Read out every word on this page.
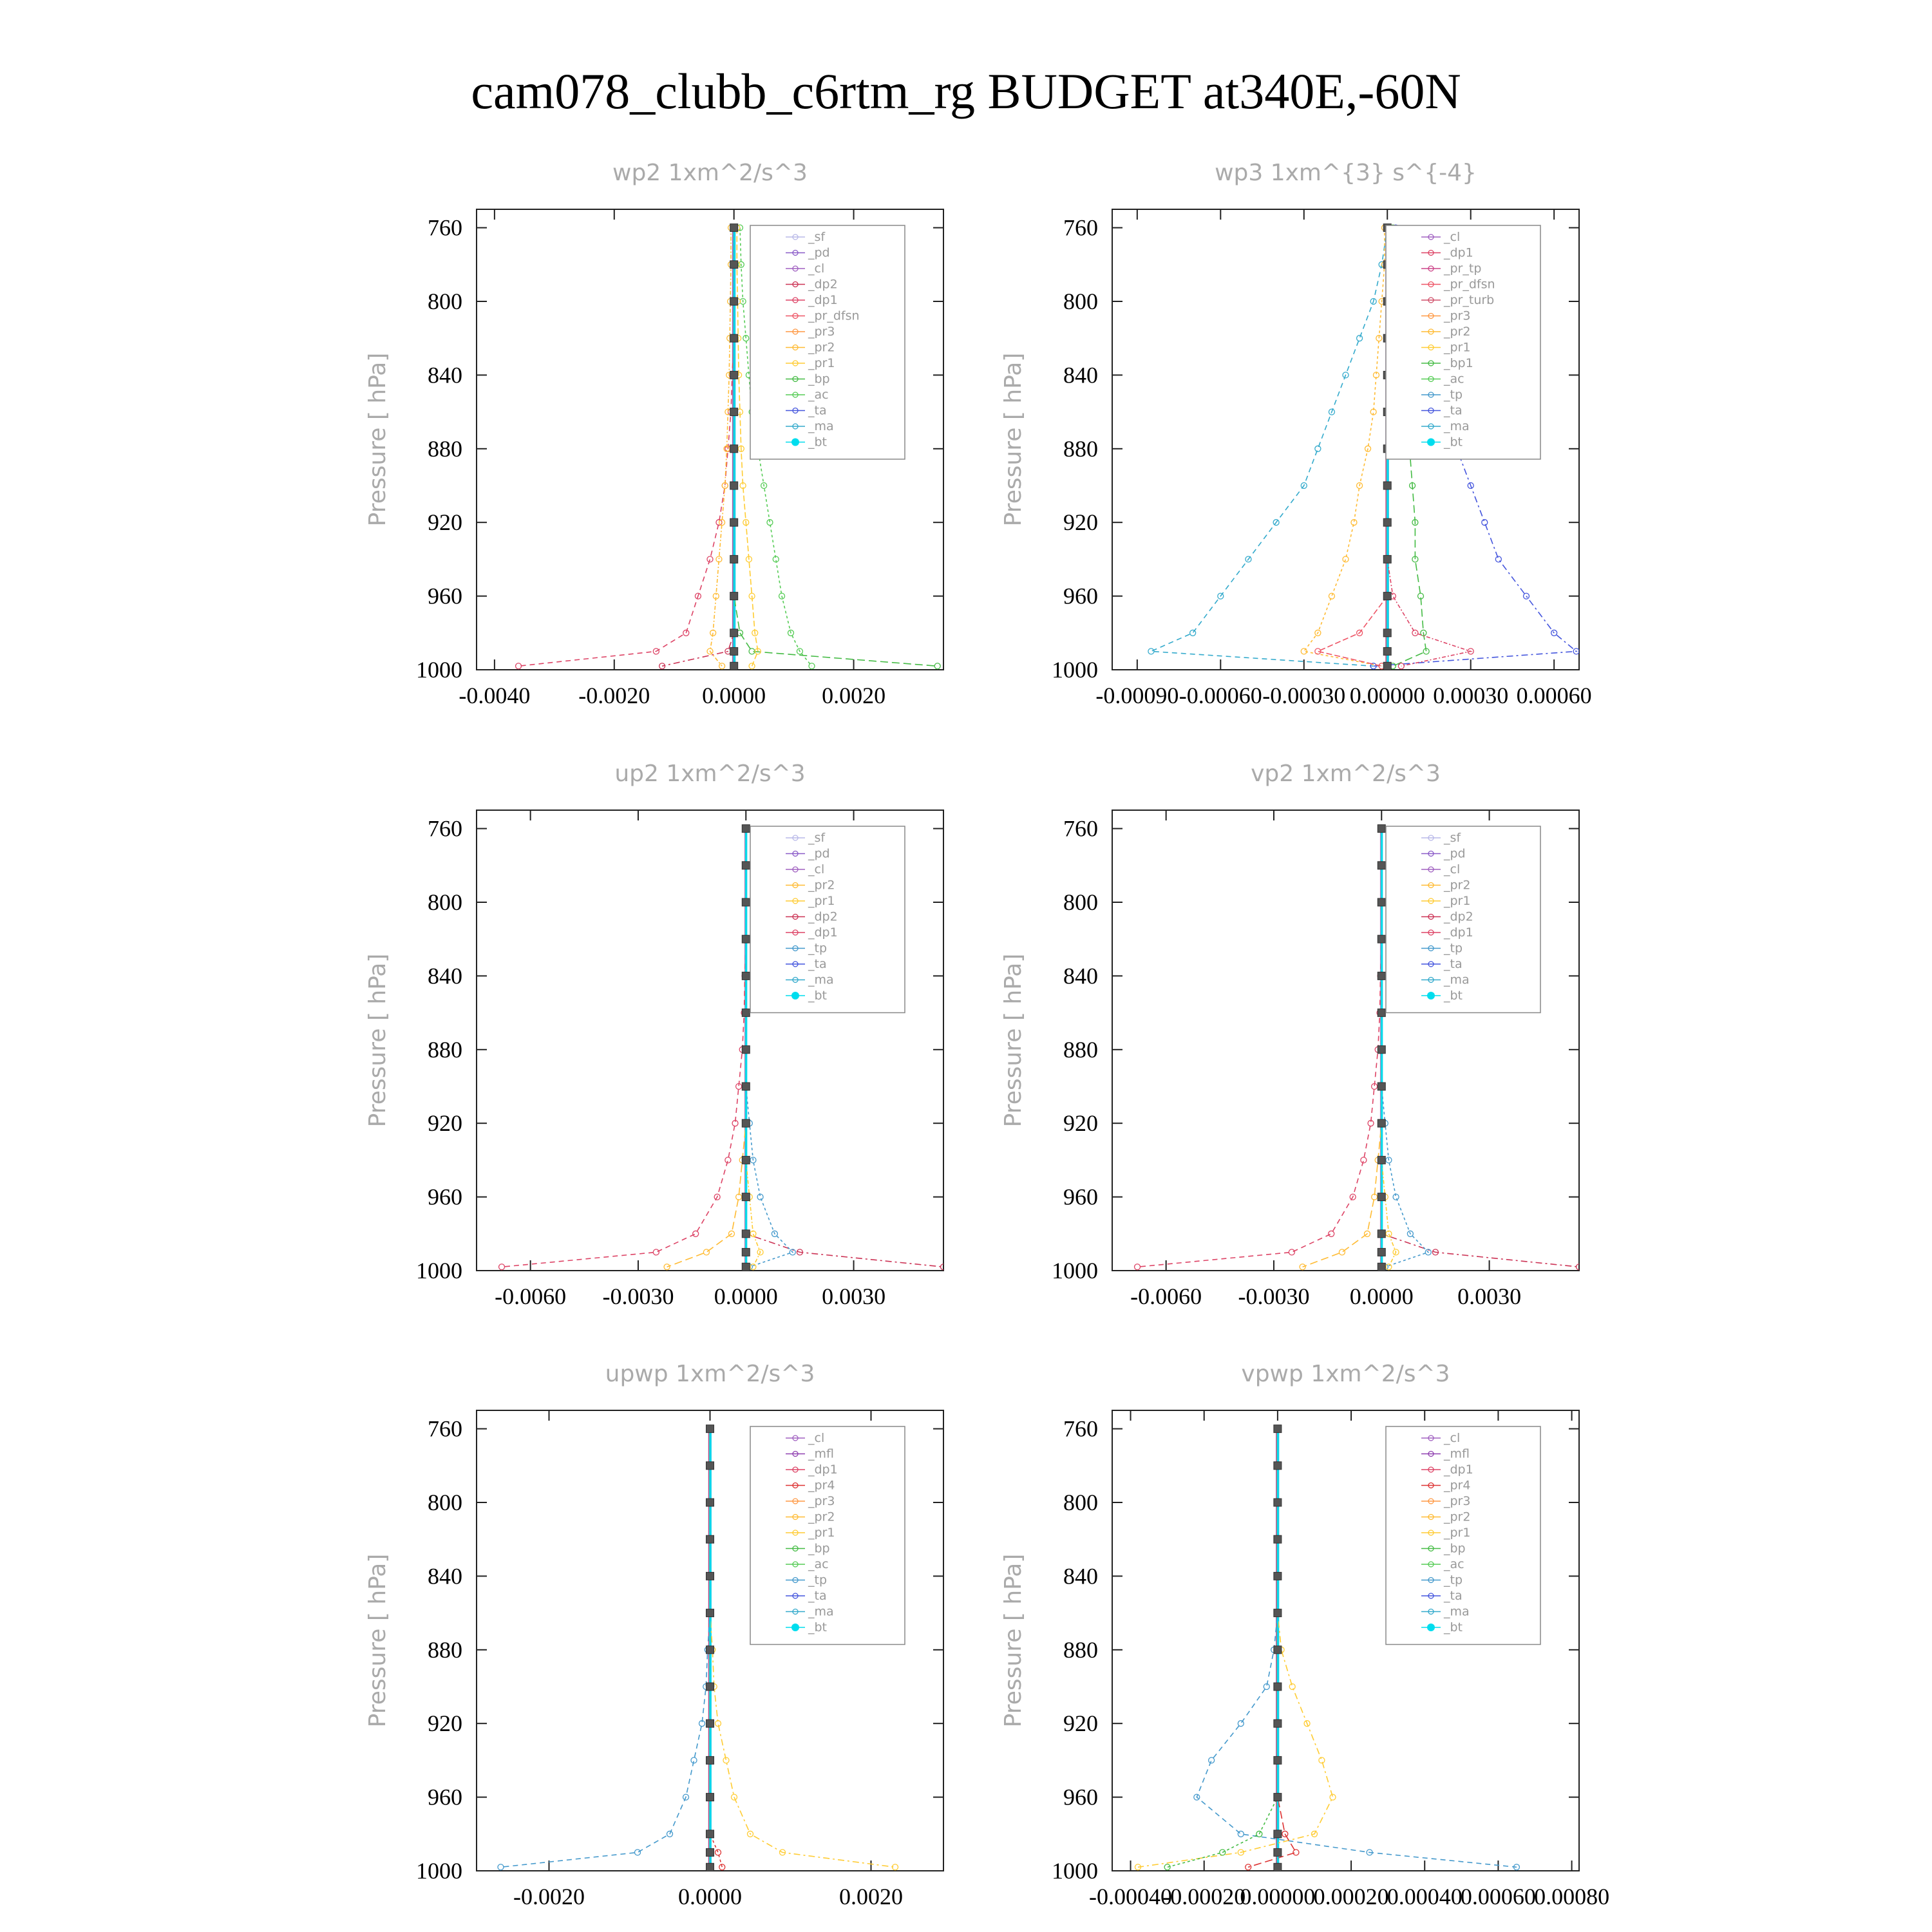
cam078_clubb_c6rtm_rg BUDGET at340E,-60N
wp2 1xm^2/s^3
Pressure [ hPa]
760
800
840
880
920
960
1000
-0.0040 -0.0020 0.0000 0.0020
_sf
_pd
_cl
_dp2
_dp1
_pr_dfsn
_pr3
_pr2
_pr1
_bp
_ac
_ta
_ma
_bt
wp3 1xm^{3} s^{-4}
Pressure [ hPa]
760
800
840
880
920
960
1000
-0.00090 -0.00060 -0.00030 0.00000 0.00030 0.00060
_cl
_dp1
_pr_tp
_pr_dfsn
_pr_turb
_pr3
_pr2
_pr1
_bp1
_ac
_tp
_ta
_ma
_bt
up2 1xm^2/s^3
Pressure [ hPa]
760
800
840
880
920
960
1000
-0.0060 -0.0030 0.0000 0.0030
_sf
_pd
_cl
_pr2
_pr1
_dp2
_dp1
_tp
_ta
_ma
_bt
vp2 1xm^2/s^3
Pressure [ hPa]
760
800
840
880
920
960
1000
-0.0060 -0.0030 0.0000 0.0030
_sf
_pd
_cl
_pr2
_pr1
_dp2
_dp1
_tp
_ta
_ma
_bt
upwp 1xm^2/s^3
Pressure [ hPa]
760
800
840
880
920
960
1000
-0.0020	0.0000	0.0020
_cl
_mfl
_dp1
_pr4
_pr3
_pr2
_pr1
_bp
_ac
_tp
_ta
_ma
_bt
vpwp 1xm^2/s^3
Pressure [ hPa]
760
800
840
880
920
960
1000
-0.00040
-0.00020
0.00000
0.00020
0.00040
0.00060
0.00080
_cl
_mfl
_dp1
_pr4
_pr3
_pr2
_pr1
_bp
_ac
_tp
_ta
_ma
_bt
